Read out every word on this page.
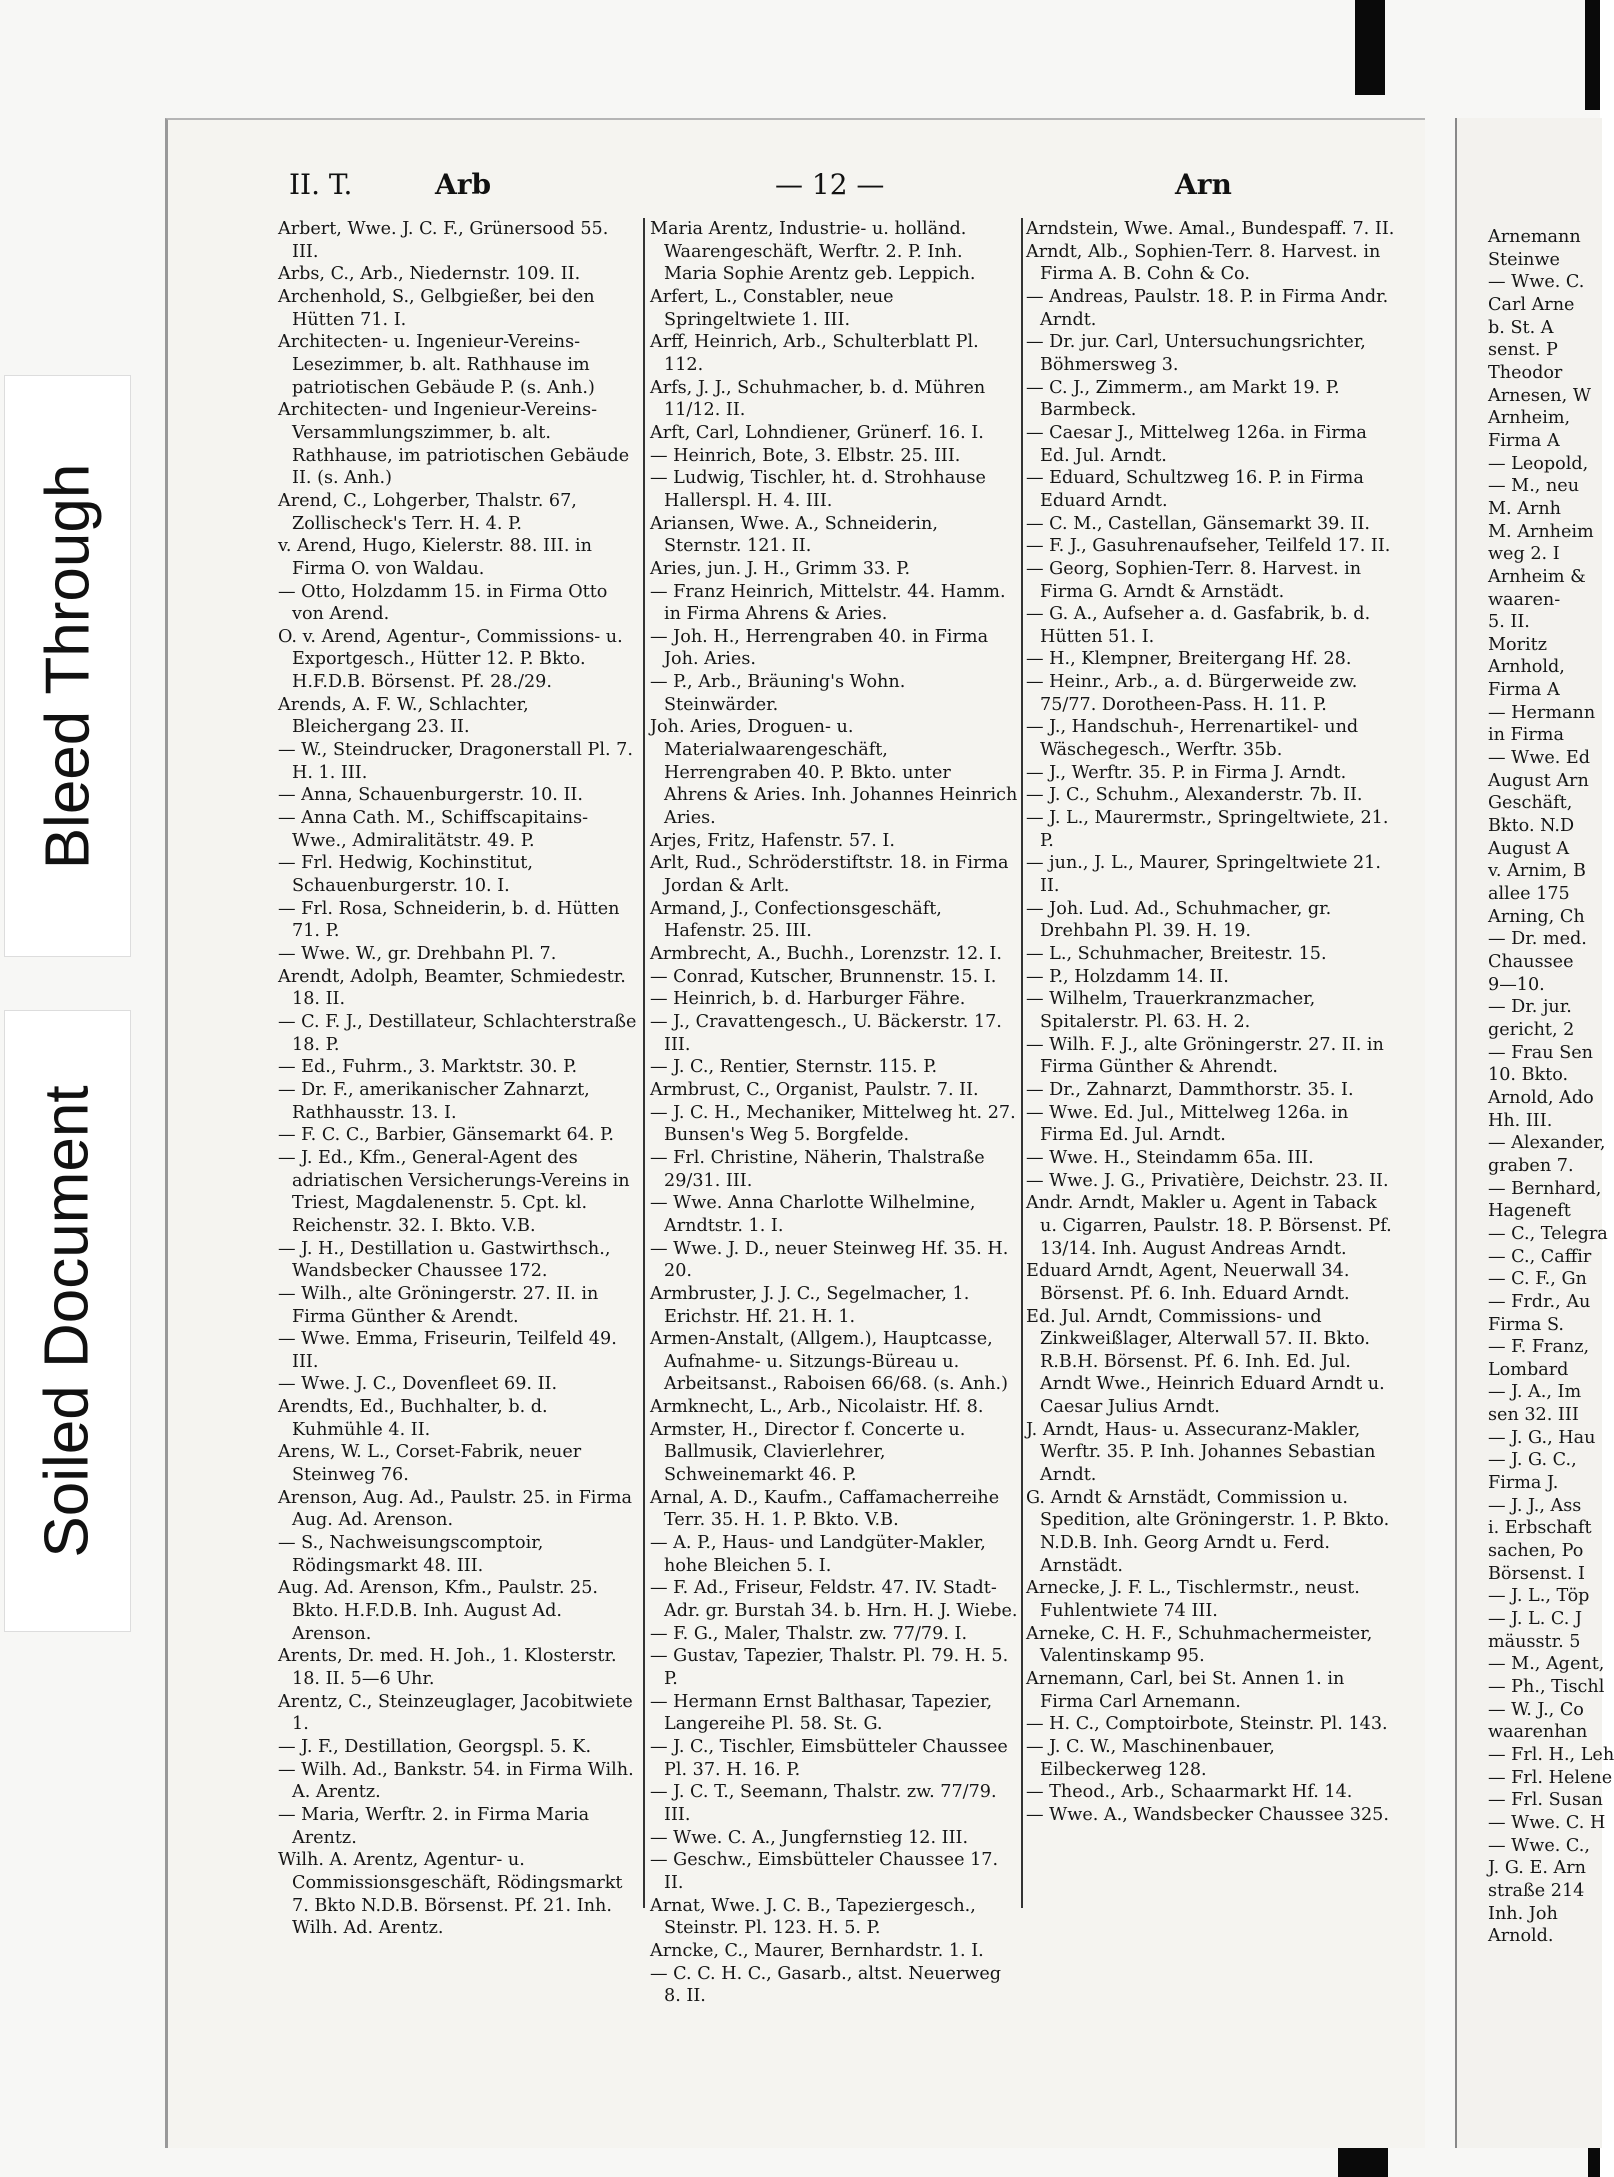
Bleed Through
Soiled Document
II. T.	Arb	— 12 —	Arn
Arbert, Wwe. J. C. F., Grünersood 55. III.
Arbs, C., Arb., Niedernstr. 109. II.
Archenhold, S., Gelbgießer, bei den Hütten 71. I.
Architecten- u. Ingenieur-Vereins-Lesezimmer, b. alt. Rathhause im patriotischen Gebäude P. (s. Anh.)
Architecten- und Ingenieur-Vereins-Versammlungszimmer, b. alt. Rathhause, im patriotischen Gebäude II. (s. Anh.)
Arend, C., Lohgerber, Thalstr. 67, Zollischeck's Terr. H. 4. P.
v. Arend, Hugo, Kielerstr. 88. III. in Firma O. von Waldau.
— Otto, Holzdamm 15. in Firma Otto von Arend.
O. v. Arend, Agentur-, Commissions- u. Exportgesch., Hütter 12. P. Bkto. H.F.D.B. Börsenst. Pf. 28./29.
Arends, A. F. W., Schlachter, Bleichergang 23. II.
— W., Steindrucker, Dragonerstall Pl. 7. H. 1. III.
— Anna, Schauenburgerstr. 10. II.
— Anna Cath. M., Schiffscapitains-Wwe., Admiralitätstr. 49. P.
— Frl. Hedwig, Kochinstitut, Schauenburgerstr. 10. I.
— Frl. Rosa, Schneiderin, b. d. Hütten 71. P.
— Wwe. W., gr. Drehbahn Pl. 7.
Arendt, Adolph, Beamter, Schmiedestr. 18. II.
— C. F. J., Destillateur, Schlachterstraße 18. P.
— Ed., Fuhrm., 3. Marktstr. 30. P.
— Dr. F., amerikanischer Zahnarzt, Rathhausstr. 13. I.
— F. C. C., Barbier, Gänsemarkt 64. P.
— J. Ed., Kfm., General-Agent des adriatischen Versicherungs-Vereins in Triest, Magdalenenstr. 5. Cpt. kl. Reichenstr. 32. I. Bkto. V.B.
— J. H., Destillation u. Gastwirthsch., Wandsbecker Chaussee 172.
— Wilh., alte Gröningerstr. 27. II. in Firma Günther & Arendt.
— Wwe. Emma, Friseurin, Teilfeld 49. III.
— Wwe. J. C., Dovenfleet 69. II.
Arendts, Ed., Buchhalter, b. d. Kuhmühle 4. II.
Arens, W. L., Corset-Fabrik, neuer Steinweg 76.
Arenson, Aug. Ad., Paulstr. 25. in Firma Aug. Ad. Arenson.
— S., Nachweisungscomptoir, Rödingsmarkt 48. III.
Aug. Ad. Arenson, Kfm., Paulstr. 25. Bkto. H.F.D.B. Inh. August Ad. Arenson.
Arents, Dr. med. H. Joh., 1. Klosterstr. 18. II. 5—6 Uhr.
Arentz, C., Steinzeuglager, Jacobitwiete 1.
— J. F., Destillation, Georgspl. 5. K.
— Wilh. Ad., Bankstr. 54. in Firma Wilh. A. Arentz.
— Maria, Werftr. 2. in Firma Maria Arentz.
Wilh. A. Arentz, Agentur- u. Commissionsgeschäft, Rödingsmarkt 7. Bkto N.D.B. Börsenst. Pf. 21. Inh. Wilh. Ad. Arentz.
Maria Arentz, Industrie- u. holländ. Waarengeschäft, Werftr. 2. P. Inh. Maria Sophie Arentz geb. Leppich.
Arfert, L., Constabler, neue Springeltwiete 1. III.
Arff, Heinrich, Arb., Schulterblatt Pl. 112.
Arfs, J. J., Schuhmacher, b. d. Mühren 11/12. II.
Arft, Carl, Lohndiener, Grünerf. 16. I.
— Heinrich, Bote, 3. Elbstr. 25. III.
— Ludwig, Tischler, ht. d. Strohhause Hallerspl. H. 4. III.
Ariansen, Wwe. A., Schneiderin, Sternstr. 121. II.
Aries, jun. J. H., Grimm 33. P.
— Franz Heinrich, Mittelstr. 44. Hamm. in Firma Ahrens & Aries.
— Joh. H., Herrengraben 40. in Firma Joh. Aries.
— P., Arb., Bräuning's Wohn. Steinwärder.
Joh. Aries, Droguen- u. Materialwaarengeschäft, Herrengraben 40. P. Bkto. unter Ahrens & Aries. Inh. Johannes Heinrich Aries.
Arjes, Fritz, Hafenstr. 57. I.
Arlt, Rud., Schröderstiftstr. 18. in Firma Jordan & Arlt.
Armand, J., Confectionsgeschäft, Hafenstr. 25. III.
Armbrecht, A., Buchh., Lorenzstr. 12. I.
— Conrad, Kutscher, Brunnenstr. 15. I.
— Heinrich, b. d. Harburger Fähre.
— J., Cravattengesch., U. Bäckerstr. 17. III.
— J. C., Rentier, Sternstr. 115. P.
Armbrust, C., Organist, Paulstr. 7. II.
— J. C. H., Mechaniker, Mittelweg ht. 27. Bunsen's Weg 5. Borgfelde.
— Frl. Christine, Näherin, Thalstraße 29/31. III.
— Wwe. Anna Charlotte Wilhelmine, Arndtstr. 1. I.
— Wwe. J. D., neuer Steinweg Hf. 35. H. 20.
Armbruster, J. J. C., Segelmacher, 1. Erichstr. Hf. 21. H. 1.
Armen-Anstalt, (Allgem.), Hauptcasse, Aufnahme- u. Sitzungs-Büreau u. Arbeitsanst., Raboisen 66/68. (s. Anh.)
Armknecht, L., Arb., Nicolaistr. Hf. 8.
Armster, H., Director f. Concerte u. Ballmusik, Clavierlehrer, Schweinemarkt 46. P.
Arnal, A. D., Kaufm., Caffamacherreihe Terr. 35. H. 1. P. Bkto. V.B.
— A. P., Haus- und Landgüter-Makler, hohe Bleichen 5. I.
— F. Ad., Friseur, Feldstr. 47. IV. Stadt-Adr. gr. Burstah 34. b. Hrn. H. J. Wiebe.
— F. G., Maler, Thalstr. zw. 77/79. I.
— Gustav, Tapezier, Thalstr. Pl. 79. H. 5. P.
— Hermann Ernst Balthasar, Tapezier, Langereihe Pl. 58. St. G.
— J. C., Tischler, Eimsbütteler Chaussee Pl. 37. H. 16. P.
— J. C. T., Seemann, Thalstr. zw. 77/79. III.
— Wwe. C. A., Jungfernstieg 12. III.
— Geschw., Eimsbütteler Chaussee 17. II.
Arnat, Wwe. J. C. B., Tapeziergesch., Steinstr. Pl. 123. H. 5. P.
Arncke, C., Maurer, Bernhardstr. 1. I.
— C. C. H. C., Gasarb., altst. Neuerweg 8. II.
Arndstein, Wwe. Amal., Bundespaff. 7. II.
Arndt, Alb., Sophien-Terr. 8. Harvest. in Firma A. B. Cohn & Co.
— Andreas, Paulstr. 18. P. in Firma Andr. Arndt.
— Dr. jur. Carl, Untersuchungsrichter, Böhmersweg 3.
— C. J., Zimmerm., am Markt 19. P. Barmbeck.
— Caesar J., Mittelweg 126a. in Firma Ed. Jul. Arndt.
— Eduard, Schultzweg 16. P. in Firma Eduard Arndt.
— C. M., Castellan, Gänsemarkt 39. II.
— F. J., Gasuhrenaufseher, Teilfeld 17. II.
— Georg, Sophien-Terr. 8. Harvest. in Firma G. Arndt & Arnstädt.
— G. A., Aufseher a. d. Gasfabrik, b. d. Hütten 51. I.
— H., Klempner, Breitergang Hf. 28.
— Heinr., Arb., a. d. Bürgerweide zw. 75/77. Dorotheen-Pass. H. 11. P.
— J., Handschuh-, Herrenartikel- und Wäschegesch., Werftr. 35b.
— J., Werftr. 35. P. in Firma J. Arndt.
— J. C., Schuhm., Alexanderstr. 7b. II.
— J. L., Maurermstr., Springeltwiete, 21. P.
— jun., J. L., Maurer, Springeltwiete 21. II.
— Joh. Lud. Ad., Schuhmacher, gr. Drehbahn Pl. 39. H. 19.
— L., Schuhmacher, Breitestr. 15.
— P., Holzdamm 14. II.
— Wilhelm, Trauerkranzmacher, Spitalerstr. Pl. 63. H. 2.
— Wilh. F. J., alte Gröningerstr. 27. II. in Firma Günther & Ahrendt.
— Dr., Zahnarzt, Dammthorstr. 35. I.
— Wwe. Ed. Jul., Mittelweg 126a. in Firma Ed. Jul. Arndt.
— Wwe. H., Steindamm 65a. III.
— Wwe. J. G., Privatière, Deichstr. 23. II.
Andr. Arndt, Makler u. Agent in Taback u. Cigarren, Paulstr. 18. P. Börsenst. Pf. 13/14. Inh. August Andreas Arndt.
Eduard Arndt, Agent, Neuerwall 34. Börsenst. Pf. 6. Inh. Eduard Arndt.
Ed. Jul. Arndt, Commissions- und Zinkweißlager, Alterwall 57. II. Bkto. R.B.H. Börsenst. Pf. 6. Inh. Ed. Jul. Arndt Wwe., Heinrich Eduard Arndt u. Caesar Julius Arndt.
J. Arndt, Haus- u. Assecuranz-Makler, Werftr. 35. P. Inh. Johannes Sebastian Arndt.
G. Arndt & Arnstädt, Commission u. Spedition, alte Gröningerstr. 1. P. Bkto. N.D.B. Inh. Georg Arndt u. Ferd. Arnstädt.
Arnecke, J. F. L., Tischlermstr., neust. Fuhlentwiete 74 III.
Arneke, C. H. F., Schuhmachermeister, Valentinskamp 95.
Arnemann, Carl, bei St. Annen 1. in Firma Carl Arnemann.
— H. C., Comptoirbote, Steinstr. Pl. 143.
— J. C. W., Maschinenbauer, Eilbeckerweg 128.
— Theod., Arb., Schaarmarkt Hf. 14.
— Wwe. A., Wandsbecker Chaussee 325.
Arnemann
Steinwe
— Wwe. C.
Carl Arne
b. St. A
senst. P
Theodor
Arnesen, W
Arnheim,
Firma A
— Leopold,
— M., neu
M. Arnh
M. Arnheim
weg 2. I
Arnheim &
waaren-
5. II.
Moritz
Arnhold,
Firma A
— Hermann
in Firma
— Wwe. Ed
August Arn
Geschäft,
Bkto. N.D
August A
v. Arnim, B
allee 175
Arning, Ch
— Dr. med.
Chaussee
9—10.
— Dr. jur.
gericht, 2
— Frau Sen
10. Bkto.
Arnold, Ado
Hh. III.
— Alexander,
graben 7.
— Bernhard,
Hageneft
— C., Telegra
— C., Caffir
— C. F., Gn
— Frdr., Au
Firma S.
— F. Franz,
Lombard
— J. A., Im
sen 32. III
— J. G., Hau
— J. G. C.,
Firma J.
— J. J., Ass
i. Erbschaft
sachen, Po
Börsenst. I
— J. L., Töp
— J. L. C. J
mäusstr. 5
— M., Agent,
— Ph., Tischl
— W. J., Co
waarenhan
— Frl. H., Leh
— Frl. Helene
— Frl. Susan
— Wwe. C. H
— Wwe. C.,
J. G. E. Arn
straße 214
Inh. Joh
Arnold.
